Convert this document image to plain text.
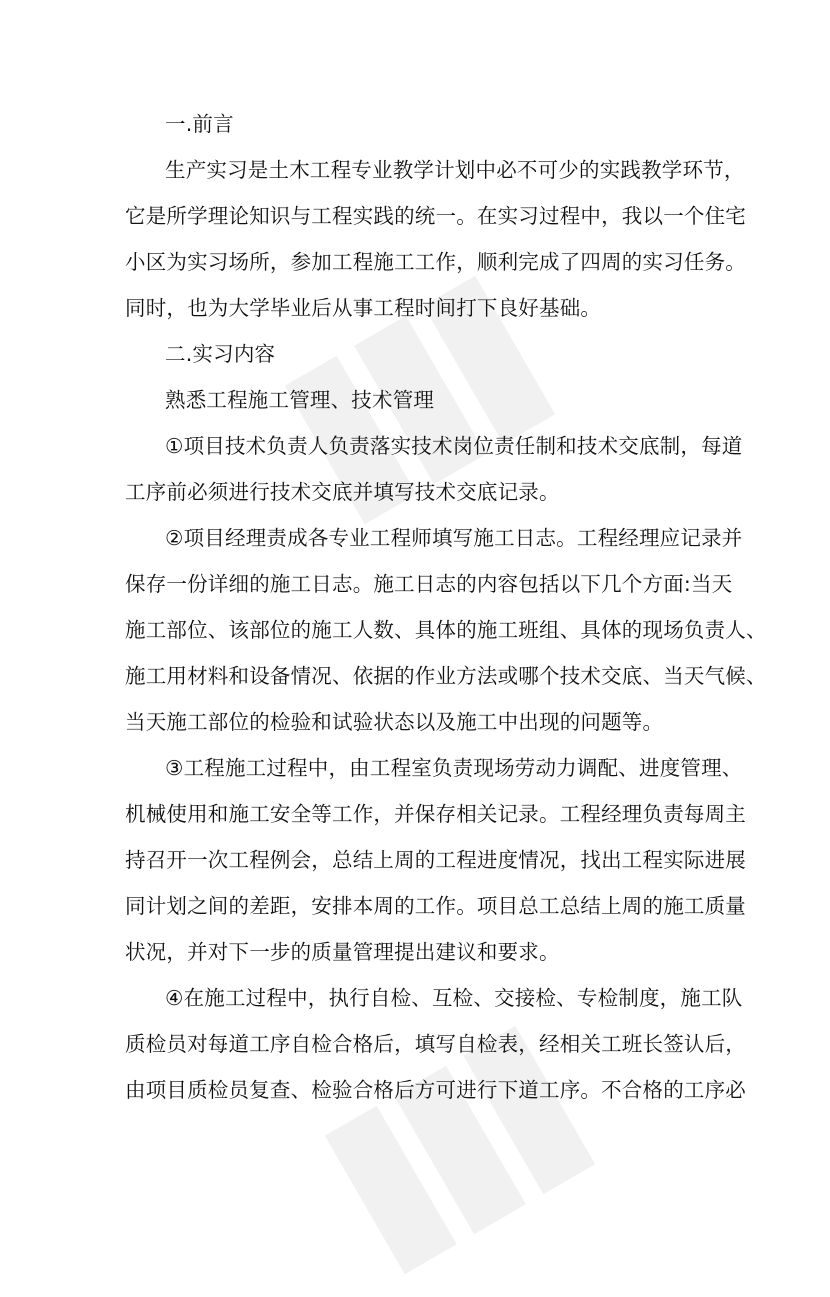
一.前言
生产实习是土木工程专业教学计划中必不可少的实践教学环节，
它是所学理论知识与工程实践的统一。在实习过程中，我以一个住宅
小区为实习场所，参加工程施工工作，顺利完成了四周的实习任务。
同时，也为大学毕业后从事工程时间打下良好基础。
二.实习内容
熟悉工程施工管理、技术管理
①项目技术负责人负责落实技术岗位责任制和技术交底制，每道
工序前必须进行技术交底并填写技术交底记录。
②项目经理责成各专业工程师填写施工日志。工程经理应记录并
保存一份详细的施工日志。施工日志的内容包括以下几个方面:当天
施工部位、该部位的施工人数、具体的施工班组、具体的现场负责人、
施工用材料和设备情况、依据的作业方法或哪个技术交底、当天气候、
当天施工部位的检验和试验状态以及施工中出现的问题等。
③工程施工过程中，由工程室负责现场劳动力调配、进度管理、
机械使用和施工安全等工作，并保存相关记录。工程经理负责每周主
持召开一次工程例会，总结上周的工程进度情况，找出工程实际进展
同计划之间的差距，安排本周的工作。项目总工总结上周的施工质量
状况，并对下一步的质量管理提出建议和要求。
④在施工过程中，执行自检、互检、交接检、专检制度，施工队
质检员对每道工序自检合格后，填写自检表，经相关工班长签认后，
由项目质检员复查、检验合格后方可进行下道工序。不合格的工序必
